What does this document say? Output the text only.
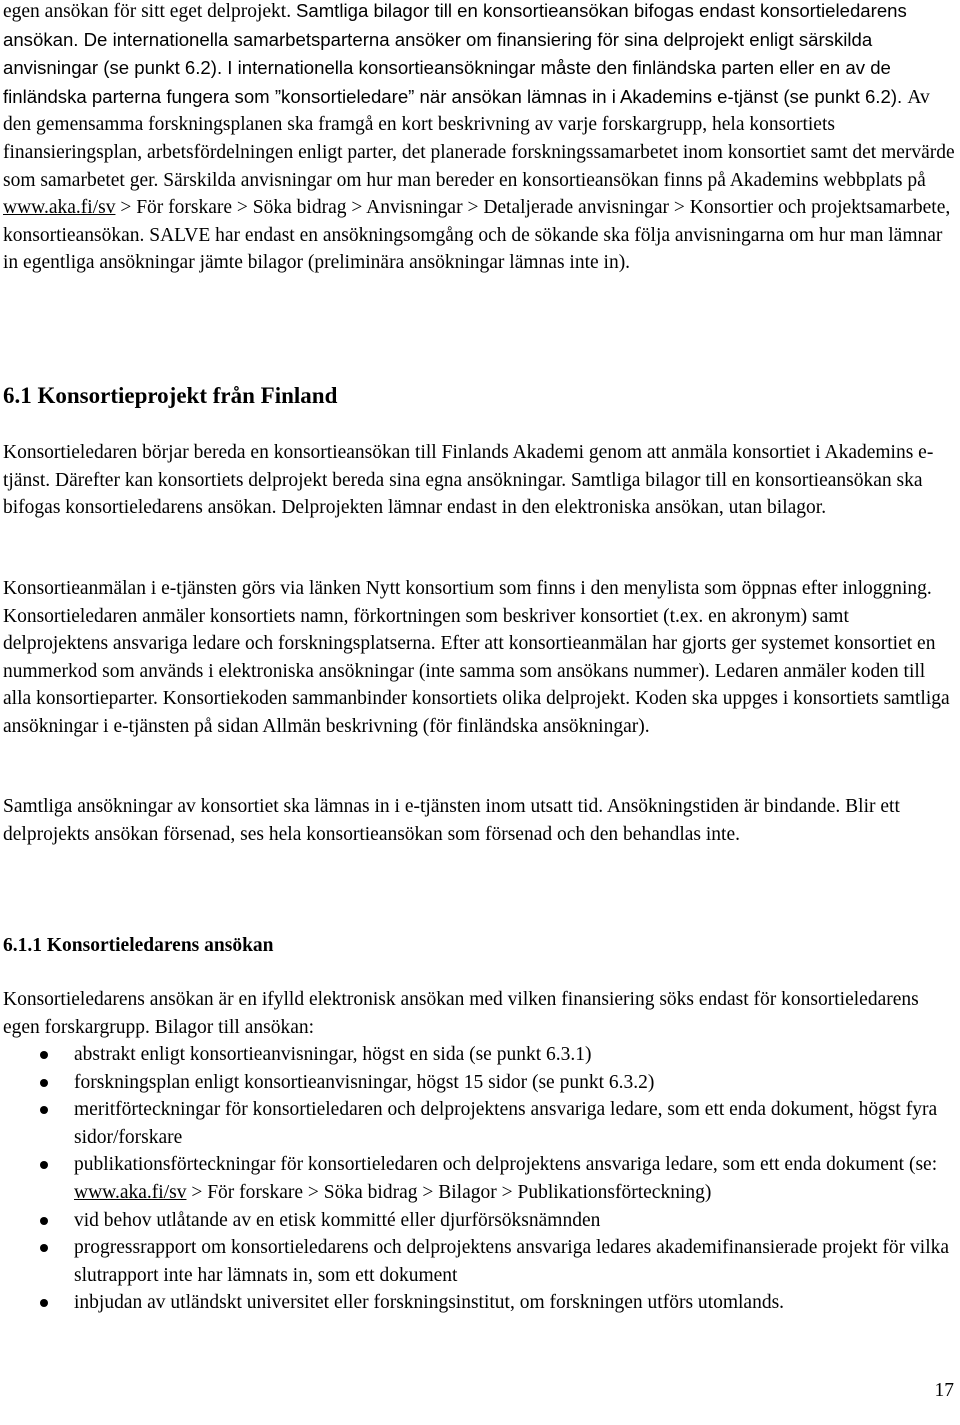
egen ansökan för sitt eget delprojekt. Samtliga bilagor till en konsortieansökan bifogas endast konsortieledarens ansökan. De internationella samarbetsparterna ansöker om finansiering för sina delprojekt enligt särskilda anvisningar (se punkt 6.2). I internationella konsortieansökningar måste den finländska parten eller en av de finländska parterna fungera som ”konsortieledare” när ansökan lämnas in i Akademins e-tjänst (se punkt 6.2). Av den gemensamma forskningsplanen ska framgå en kort beskrivning av varje forskargrupp, hela konsortiets finansieringsplan, arbetsfördelningen enligt parter, det planerade forskningssamarbetet inom konsortiet samt det mervärde som samarbetet ger. Särskilda anvisningar om hur man bereder en konsortieansökan finns på Akademins webbplats på www.aka.fi/sv > För forskare > Söka bidrag > Anvisningar > Detaljerade anvisningar > Konsortier och projektsamarbete, konsortieansökan. SALVE har endast en ansökningsomgång och de sökande ska följa anvisningarna om hur man lämnar in egentliga ansökningar jämte bilagor (preliminära ansökningar lämnas inte in).

6.1 Konsortieprojekt från Finland

Konsortieledaren börjar bereda en konsortieansökan till Finlands Akademi genom att anmäla konsortiet i Akademins e-tjänst. Därefter kan konsortiets delprojekt bereda sina egna ansökningar. Samtliga bilagor till en konsortieansökan ska bifogas konsortieledarens ansökan. Delprojekten lämnar endast in den elektroniska ansökan, utan bilagor.

Konsortieanmälan i e-tjänsten görs via länken Nytt konsortium som finns i den menylista som öppnas efter inloggning. Konsortieledaren anmäler konsortiets namn, förkortningen som beskriver konsortiet (t.ex. en akronym) samt delprojektens ansvariga ledare och forskningsplatserna. Efter att konsortieanmälan har gjorts ger systemet konsortiet en nummerkod som används i elektroniska ansökningar (inte samma som ansökans nummer). Ledaren anmäler koden till alla konsortieparter. Konsortiekoden sammanbinder konsortiets olika delprojekt. Koden ska uppges i konsortiets samtliga ansökningar i e-tjänsten på sidan Allmän beskrivning (för finländska ansökningar).

Samtliga ansökningar av konsortiet ska lämnas in i e-tjänsten inom utsatt tid. Ansökningstiden är bindande. Blir ett delprojekts ansökan försenad, ses hela konsortieansökan som försenad och den behandlas inte.

6.1.1 Konsortieledarens ansökan

Konsortieledarens ansökan är en ifylld elektronisk ansökan med vilken finansiering söks endast för konsortieledarens egen forskargrupp. Bilagor till ansökan:

abstrakt enligt konsortieanvisningar, högst en sida (se punkt 6.3.1)
forskningsplan enligt konsortieanvisningar, högst 15 sidor (se punkt 6.3.2)
meritförteckningar för konsortieledaren och delprojektens ansvariga ledare, som ett enda dokument, högst fyra sidor/forskare
publikationsförteckningar för konsortieledaren och delprojektens ansvariga ledare, som ett enda dokument (se: www.aka.fi/sv > För forskare > Söka bidrag > Bilagor > Publikationsförteckning)
vid behov utlåtande av en etisk kommitté eller djurförsöksnämnden
progressrapport om konsortieledarens och delprojektens ansvariga ledares akademifinansierade projekt för vilka slutrapport inte har lämnats in, som ett dokument
inbjudan av utländskt universitet eller forskningsinstitut, om forskningen utförs utomlands.
17
